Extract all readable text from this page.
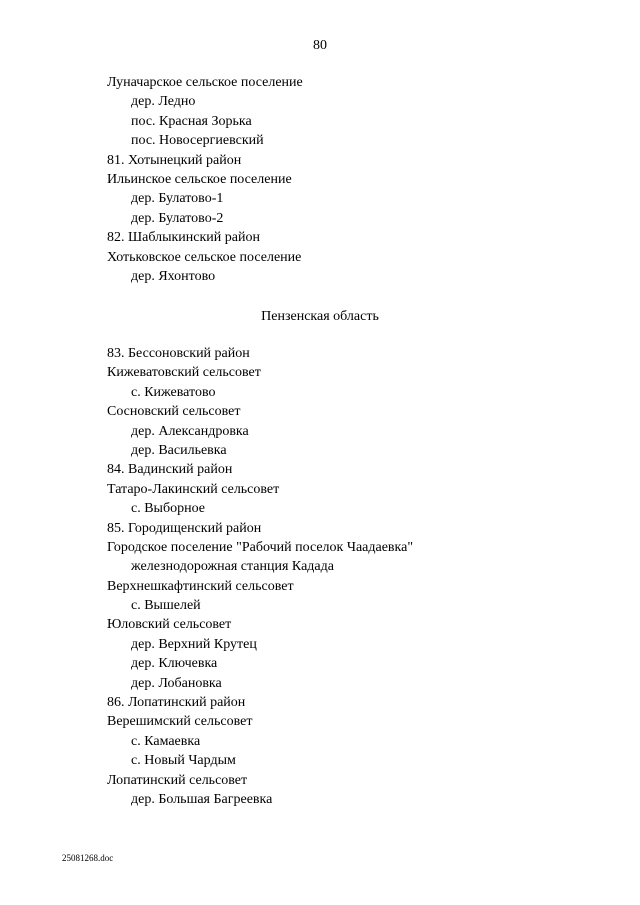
80
Луначарское сельское поселение
дер. Ледно
пос. Красная Зорька
пос. Новосергиевский
81. Хотынецкий район
Ильинское сельское поселение
дер. Булатово-1
дер. Булатово-2
82. Шаблыкинский район
Хотьковское сельское поселение
дер. Яхонтово
Пензенская область
83. Бессоновский район
Кижеватовский сельсовет
с. Кижеватово
Сосновский сельсовет
дер. Александровка
дер. Васильевка
84. Вадинский район
Татаро-Лакинский сельсовет
с. Выборное
85. Городищенский район
Городское поселение "Рабочий поселок Чаадаевка"
железнодорожная станция Кадада
Верхнешкафтинский сельсовет
с. Вышелей
Юловский сельсовет
дер. Верхний Крутец
дер. Ключевка
дер. Лобановка
86. Лопатинский район
Верешимский сельсовет
с. Камаевка
с. Новый Чардым
Лопатинский сельсовет
дер. Большая Багреевка
25081268.doc
